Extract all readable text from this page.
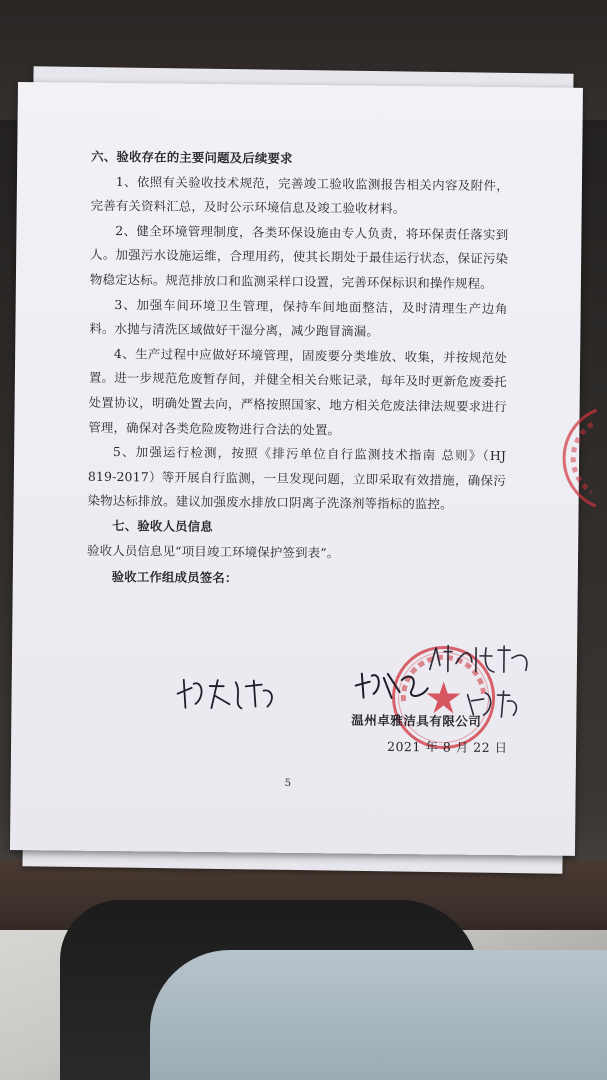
六、验收存在的主要问题及后续要求

1、依照有关验收技术规范，完善竣工验收监测报告相关内容及附件，完善有关资料汇总，及时公示环境信息及竣工验收材料。

2、健全环境管理制度，各类环保设施由专人负责，将环保责任落实到人。加强污水设施运维，合理用药，使其长期处于最佳运行状态，保证污染物稳定达标。规范排放口和监测采样口设置，完善环保标识和操作规程。

3、加强车间环境卫生管理，保持车间地面整洁，及时清理生产边角料。水抛与清洗区域做好干湿分离，减少跑冒滴漏。

4、生产过程中应做好环境管理，固废要分类堆放、收集，并按规范处置。进一步规范危废暂存间，并健全相关台账记录，每年及时更新危废委托处置协议，明确处置去向，严格按照国家、地方相关危废法律法规要求进行管理，确保对各类危险废物进行合法的处置。

5、加强运行检测，按照《排污单位自行监测技术指南 总则》（HJ 819-2017）等开展自行监测，一旦发现问题，立即采取有效措施，确保污染物达标排放。建议加强废水排放口阴离子洗涤剂等指标的监控。

七、验收人员信息

验收人员信息见“项目竣工环境保护签到表”。

验收工作组成员签名：

温州卓雅洁具有限公司
2021 年 8 月 22 日
5
